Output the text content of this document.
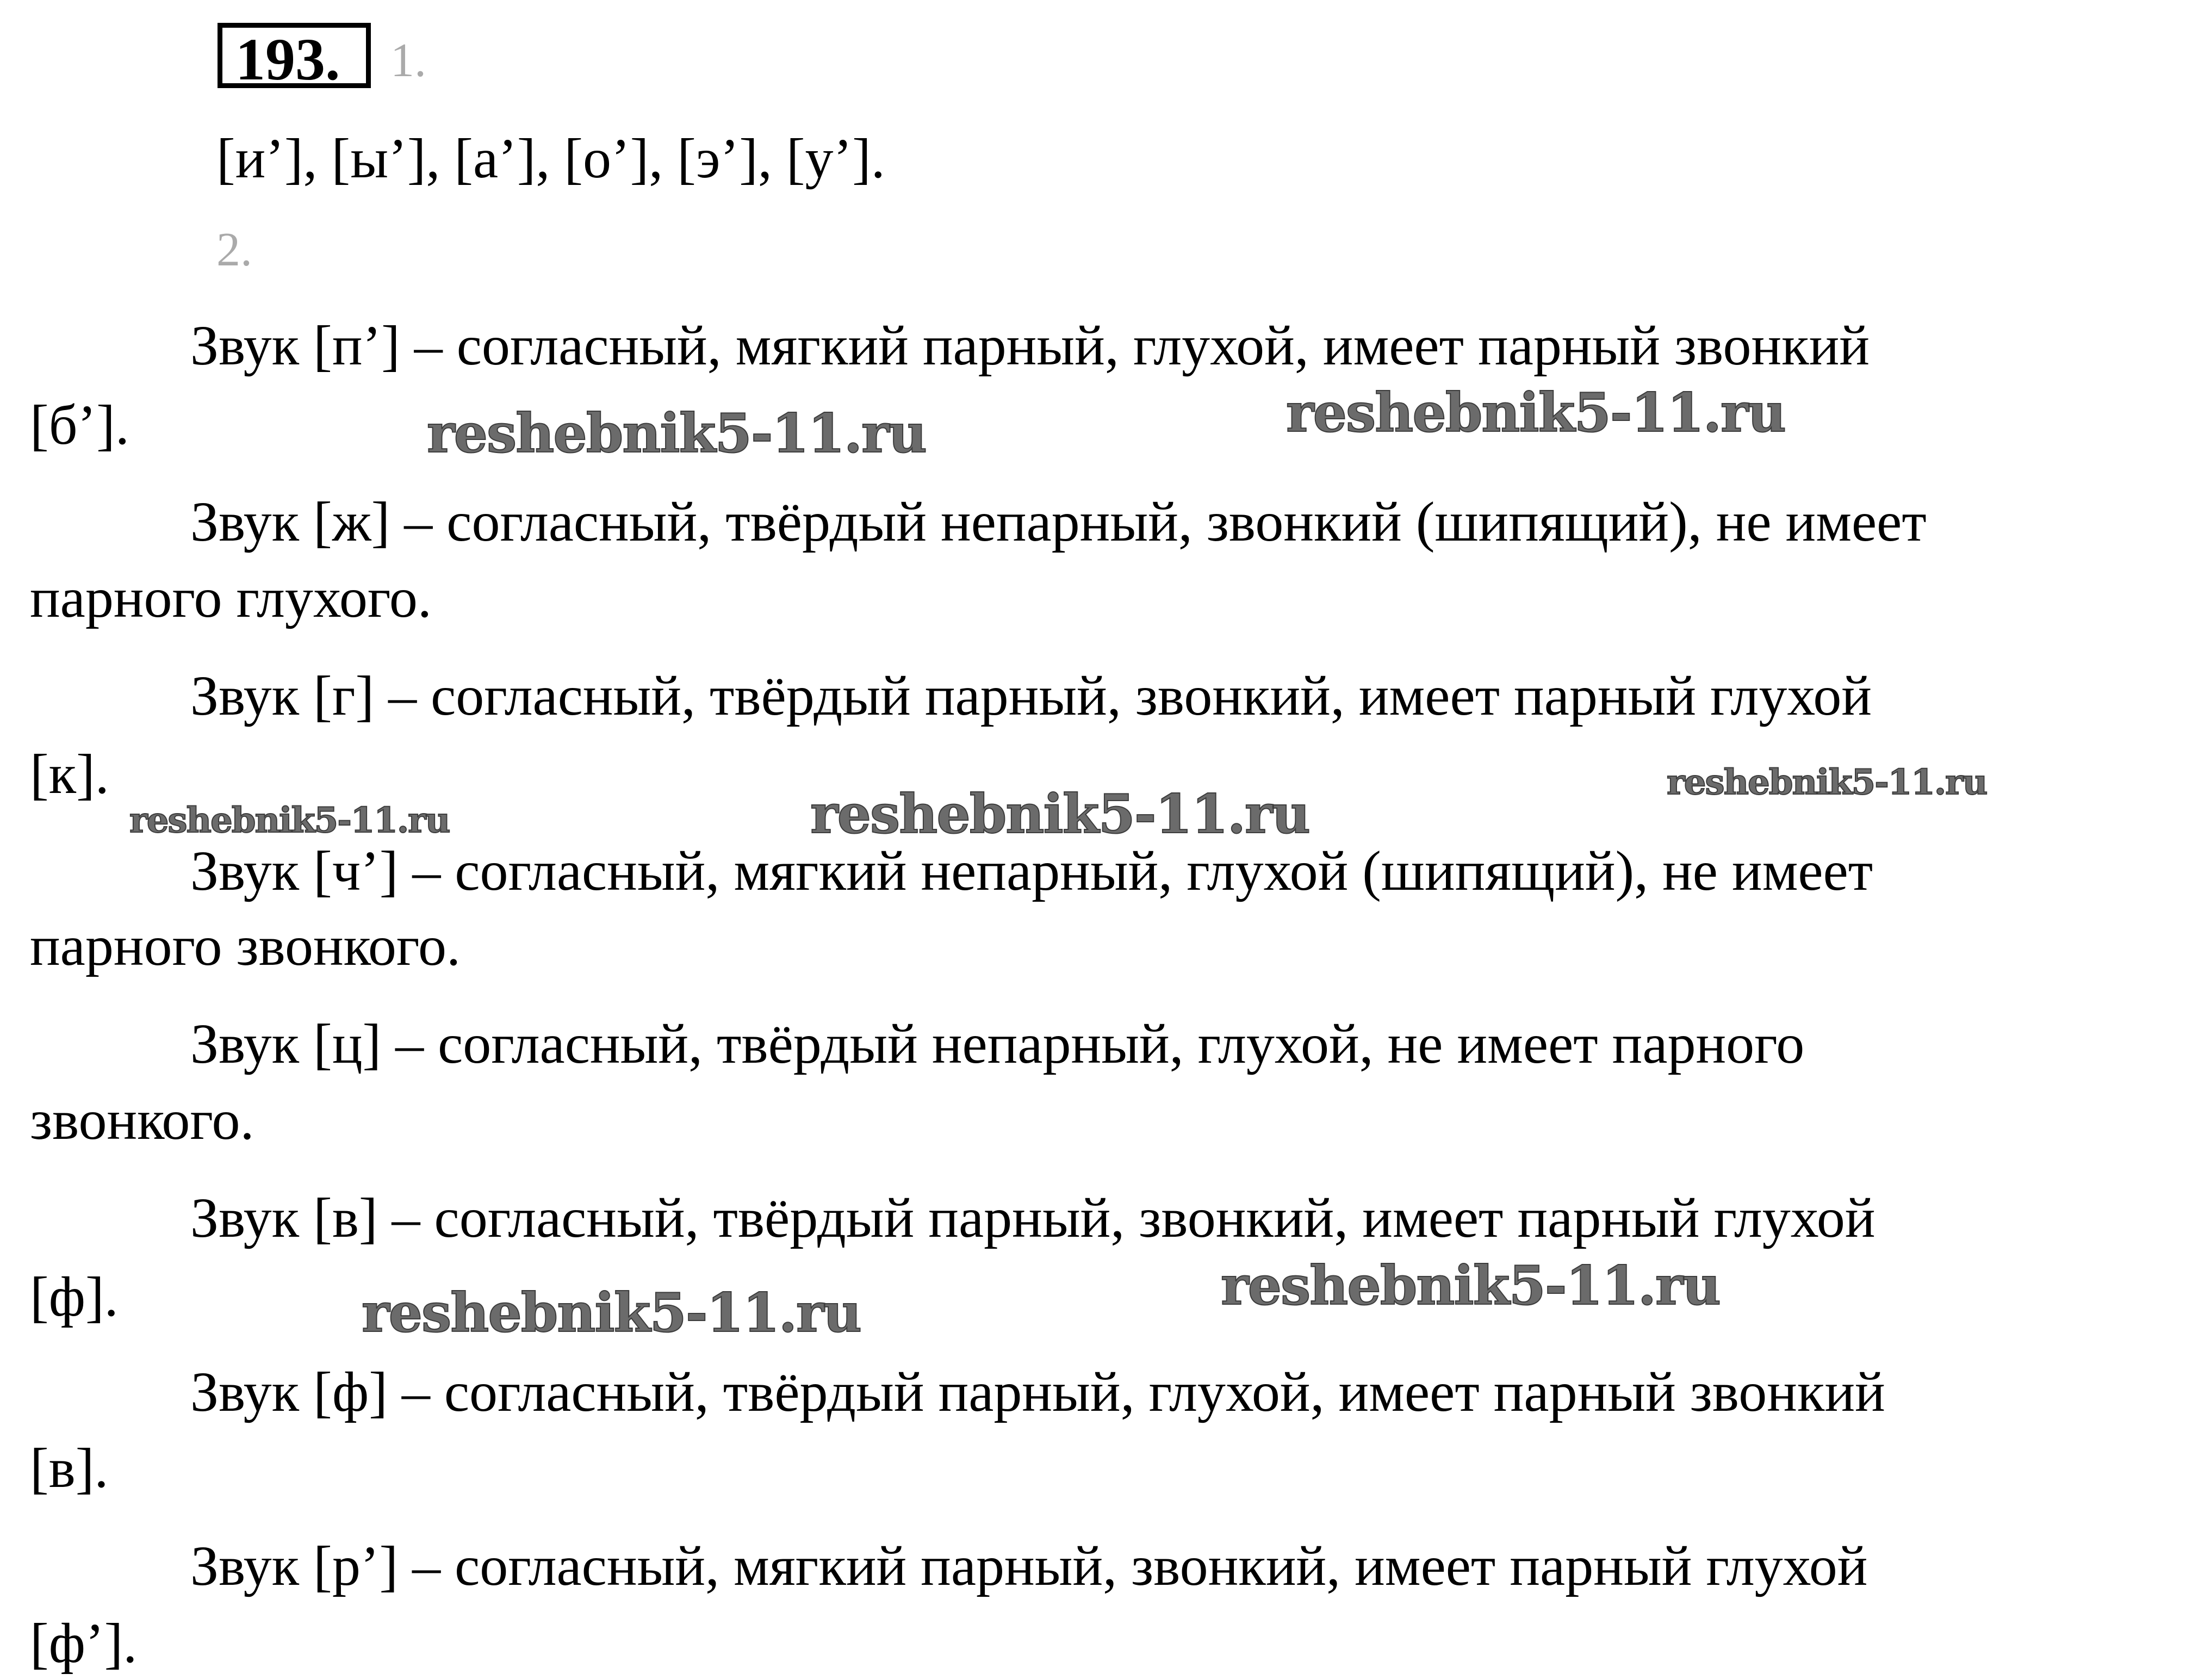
193.	1.
[и’], [ы’], [а’], [о’], [э’], [у’].
2.
Звук [п’] – согласный, мягкий парный, глухой, имеет парный звонкий
[б’].
Звук [ж] – согласный, твёрдый непарный, звонкий (шипящий), не имеет
парного глухого.
Звук [г] – согласный, твёрдый парный, звонкий, имеет парный глухой
[к].
Звук [ч’] – согласный, мягкий непарный, глухой (шипящий), не имеет
парного звонкого.
Звук [ц] – согласный, твёрдый непарный, глухой, не имеет парного
звонкого.
Звук [в] – согласный, твёрдый парный, звонкий, имеет парный глухой
[ф].
Звук [ф] – согласный, твёрдый парный, глухой, имеет парный звонкий
[в].
Звук [р’] – согласный, мягкий парный, звонкий, имеет парный глухой
[ф’].
reshebnik5-11.ru	reshebnik5-11.ru
reshebnik5-11.ru	reshebnik5-11.ru
reshebnik5-11.ru
reshebnik5-11.ru	reshebnik5-11.ru
